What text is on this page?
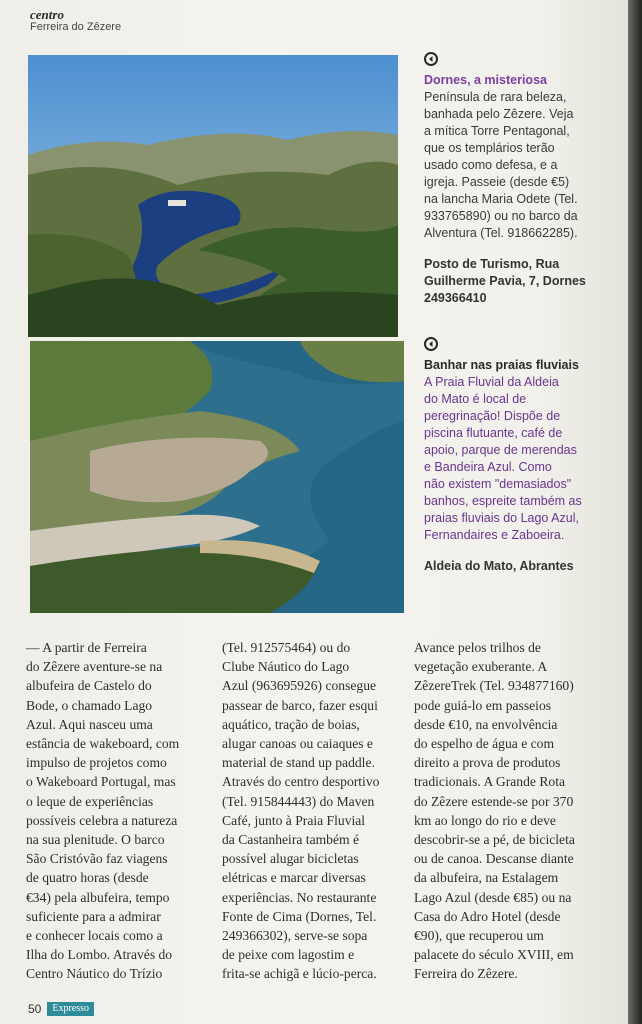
centro
Ferreira do Zêzere
Dornes, a misteriosa
Península de rara beleza,
banhada pelo Zêzere. Veja
a mítica Torre Pentagonal,
que os templários terão
usado como defesa, e a
igreja. Passeie (desde €5)
na lancha Maria Odete (Tel.
933765890) ou no barco da
Alventura (Tel. 918662285).
Posto de Turismo, Rua
Guilherme Pavia, 7, Dornes
249366410
Banhar nas praias fluviais
A Praia Fluvial da Aldeia
do Mato é local de
peregrinação! Dispõe de
piscina flutuante, café de
apoio, parque de merendas
e Bandeira Azul. Como
não existem "demasiados"
banhos, espreite também as
praias fluviais do Lago Azul,
Fernandaires e Zaboeira.
Aldeia do Mato, Abrantes
— A partir de Ferreira
do Zêzere aventure-se na
albufeira de Castelo do
Bode, o chamado Lago
Azul. Aqui nasceu uma
estância de wakeboard, com
impulso de projetos como
o Wakeboard Portugal, mas
o leque de experiências
possíveis celebra a natureza
na sua plenitude. O barco
São Cristóvão faz viagens
de quatro horas (desde
€34) pela albufeira, tempo
suficiente para a admirar
e conhecer locais como a
Ilha do Lombo. Através do
Centro Náutico do Trízio
(Tel. 912575464) ou do
Clube Náutico do Lago
Azul (963695926) consegue
passear de barco, fazer esqui
aquático, tração de boias,
alugar canoas ou caiaques e
material de stand up paddle.
Através do centro desportivo
(Tel. 915844443) do Maven
Café, junto à Praia Fluvial
da Castanheira também é
possível alugar bicicletas
elétricas e marcar diversas
experiências. No restaurante
Fonte de Cima (Dornes, Tel.
249366302), serve-se sopa
de peixe com lagostim e
frita-se achigã e lúcio-perca.
Avance pelos trilhos de
vegetação exuberante. A
ZêzereTrek (Tel. 934877160)
pode guiá-lo em passeios
desde €10, na envolvência
do espelho de água e com
direito a prova de produtos
tradicionais. A Grande Rota
do Zêzere estende-se por 370
km ao longo do rio e deve
descobrir-se a pé, de bicicleta
ou de canoa. Descanse diante
da albufeira, na Estalagem
Lago Azul (desde €85) ou na
Casa do Adro Hotel (desde
€90), que recuperou um
palacete do século XVIII, em
Ferreira do Zêzere.
50	Expresso
